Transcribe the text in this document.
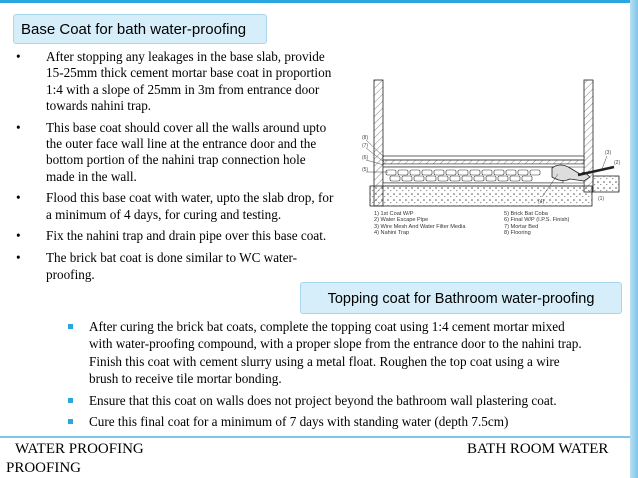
Base Coat for bath water-proofing
• After stopping any leakages in the base slab, provide
15-25mm thick cement mortar base coat in proportion
1:4 with a slope of 25mm in 3m from entrance door
towards nahini trap.
• This base coat should cover all the walls around upto
the outer face wall line at the entrance door and the
bottom portion of the nahini trap connection hole
made in the wall.
• Flood this base coat with water, upto the slab drop, for
a minimum of 4 days, for curing and testing.
• Fix the nahini trap and drain pipe over this base coat.
• The brick bat coat is done similar to WC water-
proofing.
(8)
(7)
(6)
(5)
(4)
(3)
(2)
(1)
1) 1st Coat W/P
2) Water Escape Pipe
3) Wire Mesh And Water Filter Media
4) Nahini Trap
5) Brick Bat Coba
6) Final W/P (I.P.S. Finish)
7) Mortar Bed
8) Flooring
Topping coat for Bathroom water-proofing
After curing the brick bat coats, complete the topping coat using 1:4 cement mortar mixed
with water-proofing compound, with a proper slope from the entrance door to the nahini trap.
Finish this coat with cement slurry using a metal float. Roughen the top coat using a wire
brush to receive tile mortar bonding.
Ensure that this coat on walls does not project beyond the bathroom wall plastering coat.
Cure this final coat for a minimum of 7 days with standing water (depth 7.5cm)
WATER PROOFING	BATH ROOM WATER
PROOFING
